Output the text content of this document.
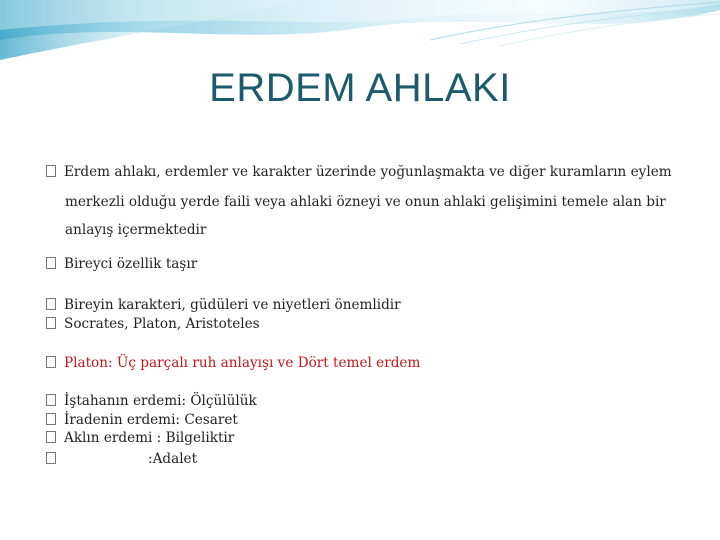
ERDEM AHLAKI
Erdem ahlakı, erdemler ve karakter üzerinde yoğunlaşmakta ve diğer kuramların eylem
merkezli olduğu yerde faili veya ahlaki özneyi ve onun ahlaki gelişimini temele alan bir
anlayış içermektedir
Bireyci özellik taşır
Bireyin karakteri, güdüleri ve niyetleri önemlidir
Socrates, Platon, Aristoteles
Platon: Üç parçalı ruh anlayışı ve Dört temel erdem
İştahanın erdemi: Ölçülülük
İradenin erdemi: Cesaret
Aklın erdemi : Bilgeliktir
:Adalet
